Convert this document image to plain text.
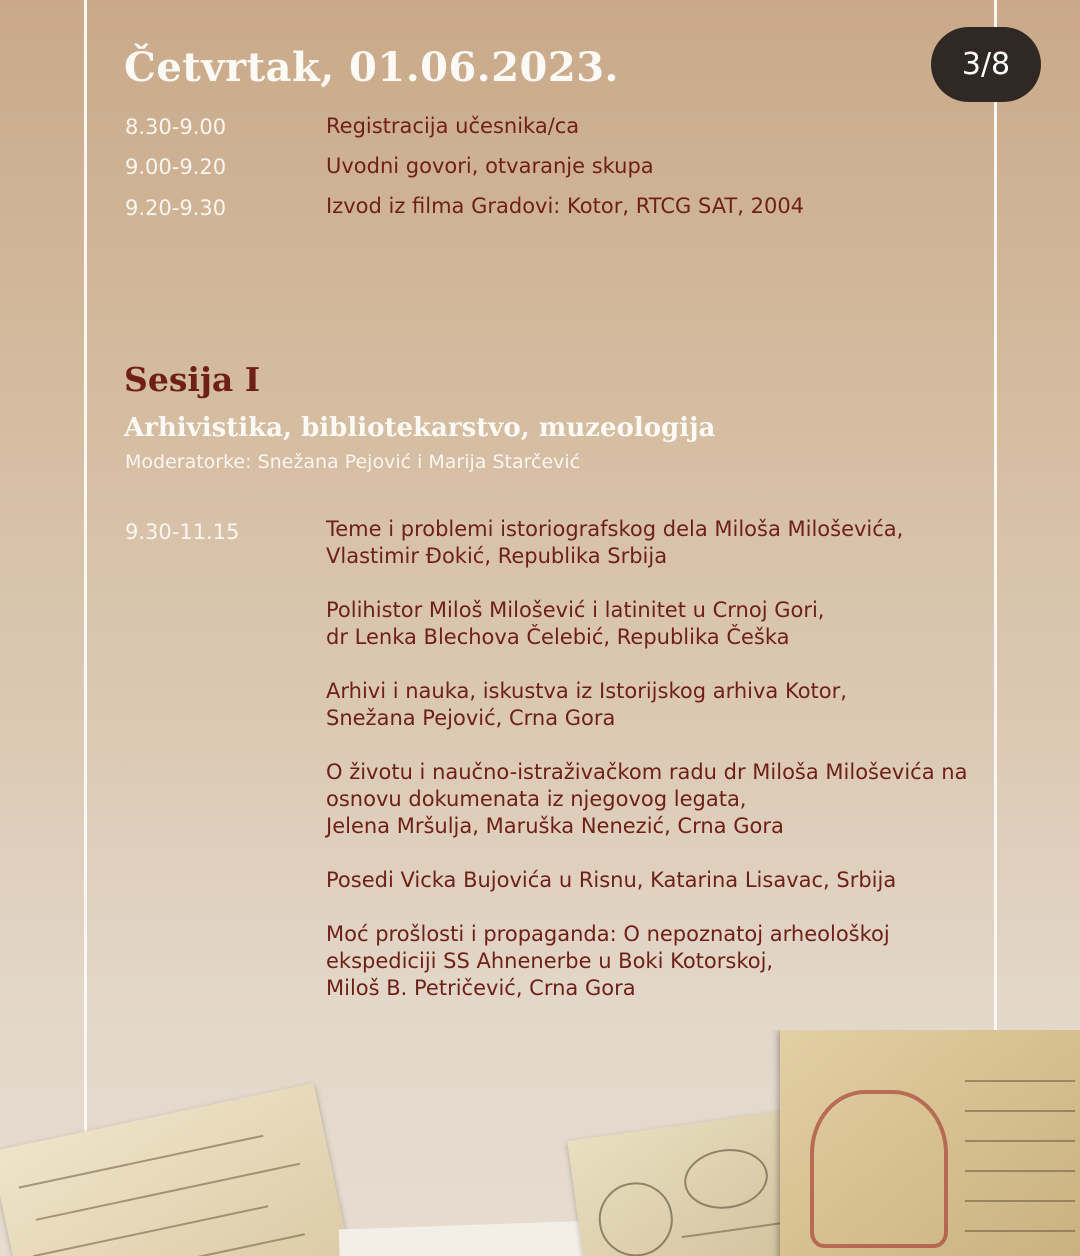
3/8
Četvrtak, 01.06.2023.
8.30-9.00	Registracija učesnika/ca
9.00-9.20	Uvodni govori, otvaranje skupa
9.20-9.30	Izvod iz filma Gradovi: Kotor, RTCG SAT, 2004
Sesija I
Arhivistika, bibliotekarstvo, muzeologija
Moderatorke: Snežana Pejović i Marija Starčević
9.30-11.15	Teme i problemi istoriografskog dela Miloša Miloševića,
Vlastimir Đokić, Republika Srbija
Polihistor Miloš Milošević i latinitet u Crnoj Gori,
dr Lenka Blechova Čelebić, Republika Češka
Arhivi i nauka, iskustva iz Istorijskog arhiva Kotor,
Snežana Pejović, Crna Gora
O životu i naučno-istraživačkom radu dr Miloša Miloševića na
osnovu dokumenata iz njegovog legata,
Jelena Mršulja, Maruška Nenezić, Crna Gora
Posedi Vicka Bujovića u Risnu, Katarina Lisavac, Srbija
Moć prošlosti i propaganda: O nepoznatoj arheološkoj
ekspediciji SS Ahnenerbe u Boki Kotorskoj,
Miloš B. Petričević, Crna Gora
